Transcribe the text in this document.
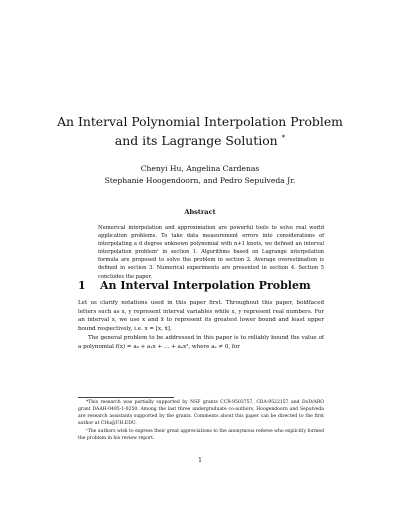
An Interval Polynomial Interpolation Problem
and its Lagrange Solution *
Chenyi Hu, Angelina Cardenas
Stephanie Hoogendoorn, and Pedro Sepulveda Jr.
Abstract
Numerical interpolation and approximation are powerful tools to solve real world application problems. To take data measurement errors into considerations of interpolating a d degree unknown polynomial with n+1 knots, we defined an interval interpolation problem¹ in section 1. Algorithms based on Lagrange interpolation formula are proposed to solve the problem in section 2. Average overestimation is defined in section 3. Numerical experiments are presented in section 4. Section 5 concludes the paper.
1 An Interval Interpolation Problem

Let us clarify notations used in this paper first. Throughout this paper, boldfaced letters such as x, y represent interval variables while x, y represent real numbers. For an interval x, we use x and x̄ to represent its greatest lower bound and least upper bound respectively, i.e. x = [x, x̄].

The general problem to be addressed in this paper is to reliably bound the value of a polynomial f(x) = a₀ + a₁x + … + aₐxᵈ, where aₐ ≠ 0, for

*This research was partially supported by NSF grants CCR-9503757, CDA-9522157 and DoD/ARO grant DAAH-0495-1-0250. Among the last three undergraduate co-authors, Hoogendoorn and Sepulveda are research assistants supported by the grants. Comments about this paper can be directed to the first author at CHu@UH.EDU.

¹The authors wish to express their great appreciations to the anonymous referee who explicitly formed the problem in his review report.

1
